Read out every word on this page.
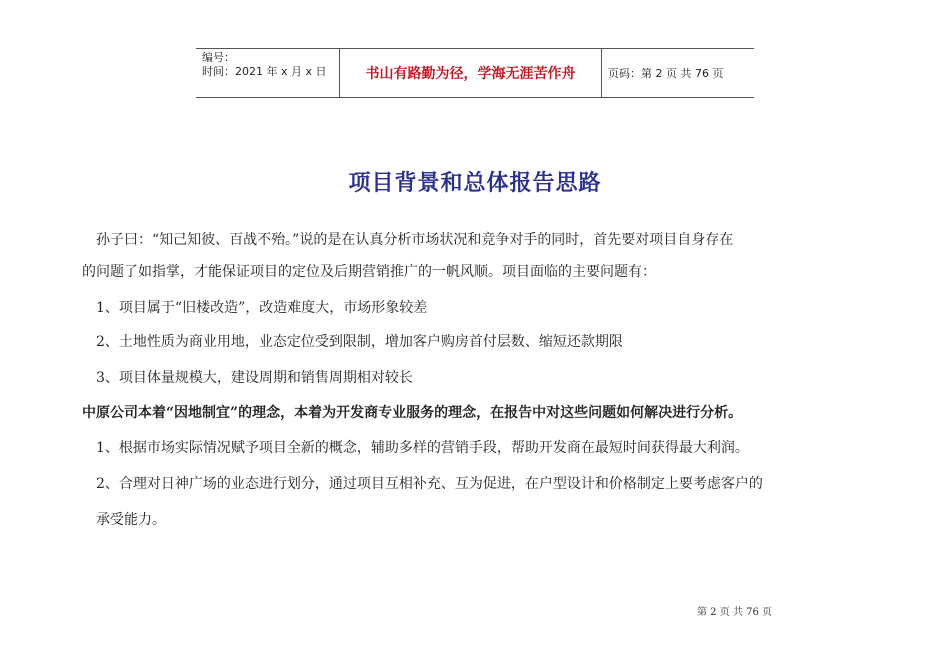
编号：
时间：2021 年 x 月 x 日	书山有路勤为径，学海无涯苦作舟	页码：第 2 页 共 76 页
项目背景和总体报告思路
　孙子曰：“知己知彼、百战不殆。”说的是在认真分析市场状况和竞争对手的同时，首先要对项目自身存在
的问题了如指掌，才能保证项目的定位及后期营销推广的一帆风顺。项目面临的主要问题有：
　1、项目属于“旧楼改造”，改造难度大，市场形象较差
　2、土地性质为商业用地，业态定位受到限制，增加客户购房首付层数、缩短还款期限
　3、项目体量规模大，建设周期和销售周期相对较长
中原公司本着“因地制宜”的理念，本着为开发商专业服务的理念，在报告中对这些问题如何解决进行分析。
　1、根据市场实际情况赋予项目全新的概念，辅助多样的营销手段，帮助开发商在最短时间获得最大利润。
　2、合理对日神广场的业态进行划分，通过项目互相补充、互为促进，在户型设计和价格制定上要考虑客户的
　承受能力。
第 2 页 共 76 页
